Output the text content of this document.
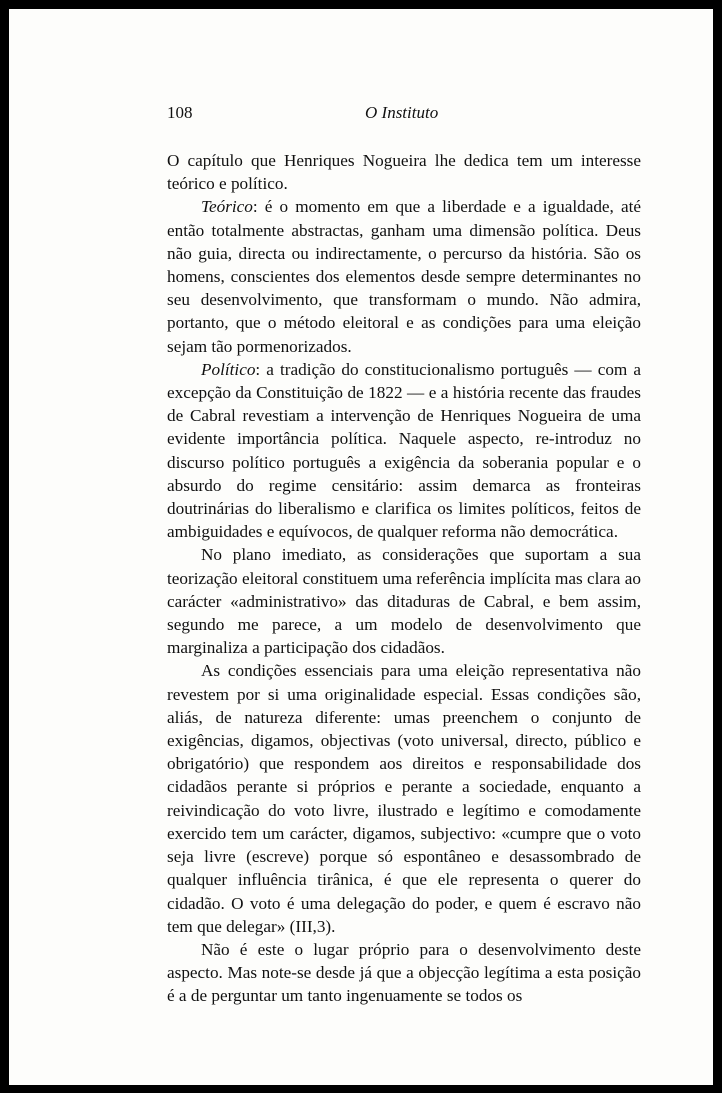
108	O Instituto

O capítulo que Henriques Nogueira lhe dedica tem um interesse teórico e político.

Teórico: é o momento em que a liberdade e a igualdade, até então totalmente abstractas, ganham uma dimensão política. Deus não guia, directa ou indirectamente, o percurso da história. São os homens, conscientes dos elementos desde sempre determinantes no seu desenvolvimento, que transformam o mundo. Não admira, portanto, que o método eleitoral e as condições para uma eleição sejam tão pormenorizados.

Político: a tradição do constitucionalismo português — com a excepção da Constituição de 1822 — e a história recente das fraudes de Cabral revestiam a intervenção de Henriques Nogueira de uma evidente importância política. Naquele aspecto, re-introduz no discurso político português a exigência da soberania popular e o absurdo do regime censitário: assim demarca as fronteiras doutrinárias do liberalismo e clarifica os limites políticos, feitos de ambiguidades e equívocos, de qualquer reforma não democrática.

No plano imediato, as considerações que suportam a sua teorização eleitoral constituem uma referência implícita mas clara ao carácter «administrativo» das ditaduras de Cabral, e bem assim, segundo me parece, a um modelo de desenvolvimento que marginaliza a participação dos cidadãos.

As condições essenciais para uma eleição representativa não revestem por si uma originalidade especial. Essas condições são, aliás, de natureza diferente: umas preenchem o conjunto de exigências, digamos, objectivas (voto universal, directo, público e obrigatório) que respondem aos direitos e responsabilidade dos cidadãos perante si próprios e perante a sociedade, enquanto a reivindicação do voto livre, ilustrado e legítimo e comodamente exercido tem um carácter, digamos, subjectivo: «cumpre que o voto seja livre (escreve) porque só espontâneo e desassombrado de qualquer influência tirânica, é que ele representa o querer do cidadão. O voto é uma delegação do poder, e quem é escravo não tem que delegar» (III,3).

Não é este o lugar próprio para o desenvolvimento deste aspecto. Mas note-se desde já que a objecção legítima a esta posição é a de perguntar um tanto ingenuamente se todos os
